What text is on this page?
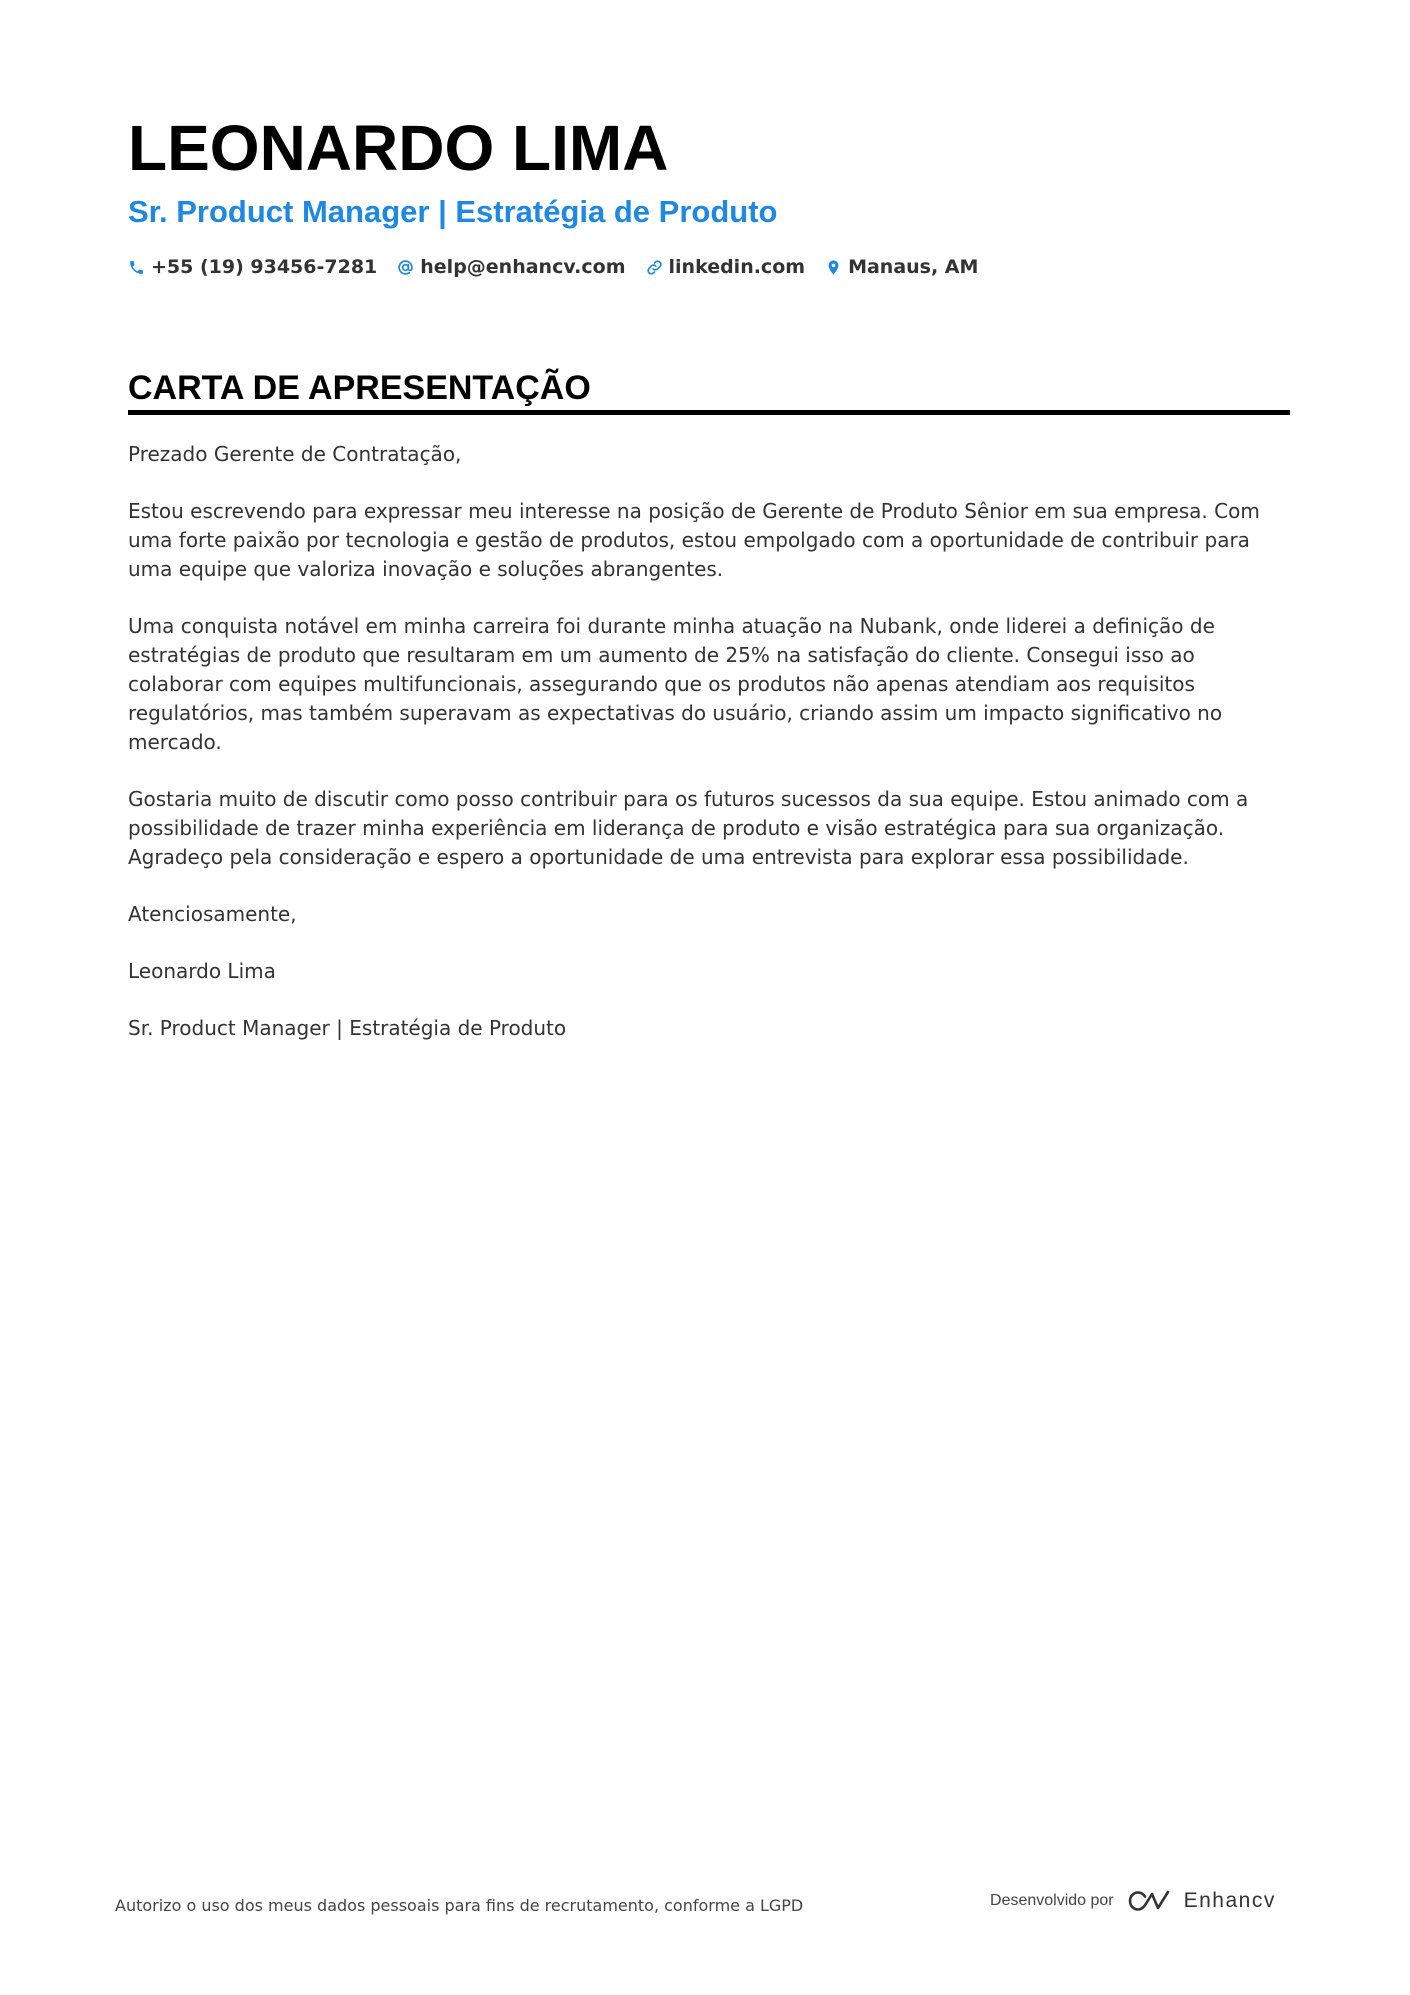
LEONARDO LIMA
Sr. Product Manager | Estratégia de Produto
+55 (19) 93456-7281 help@enhancv.com linkedin.com Manaus, AM
CARTA DE APRESENTAÇÃO

Prezado Gerente de Contratação,

Estou escrevendo para expressar meu interesse na posição de Gerente de Produto Sênior em sua empresa. Com uma forte paixão por tecnologia e gestão de produtos, estou empolgado com a oportunidade de contribuir para uma equipe que valoriza inovação e soluções abrangentes.

Uma conquista notável em minha carreira foi durante minha atuação na Nubank, onde liderei a definição de estratégias de produto que resultaram em um aumento de 25% na satisfação do cliente. Consegui isso ao colaborar com equipes multifuncionais, assegurando que os produtos não apenas atendiam aos requisitos regulatórios, mas também superavam as expectativas do usuário, criando assim um impacto significativo no mercado.

Gostaria muito de discutir como posso contribuir para os futuros sucessos da sua equipe. Estou animado com a possibilidade de trazer minha experiência em liderança de produto e visão estratégica para sua organização. Agradeço pela consideração e espero a oportunidade de uma entrevista para explorar essa possibilidade.

Atenciosamente,

Leonardo Lima

Sr. Product Manager | Estratégia de Produto

Autorizo o uso dos meus dados pessoais para fins de recrutamento, conforme a LGPD	Desenvolvido por	Enhancv
